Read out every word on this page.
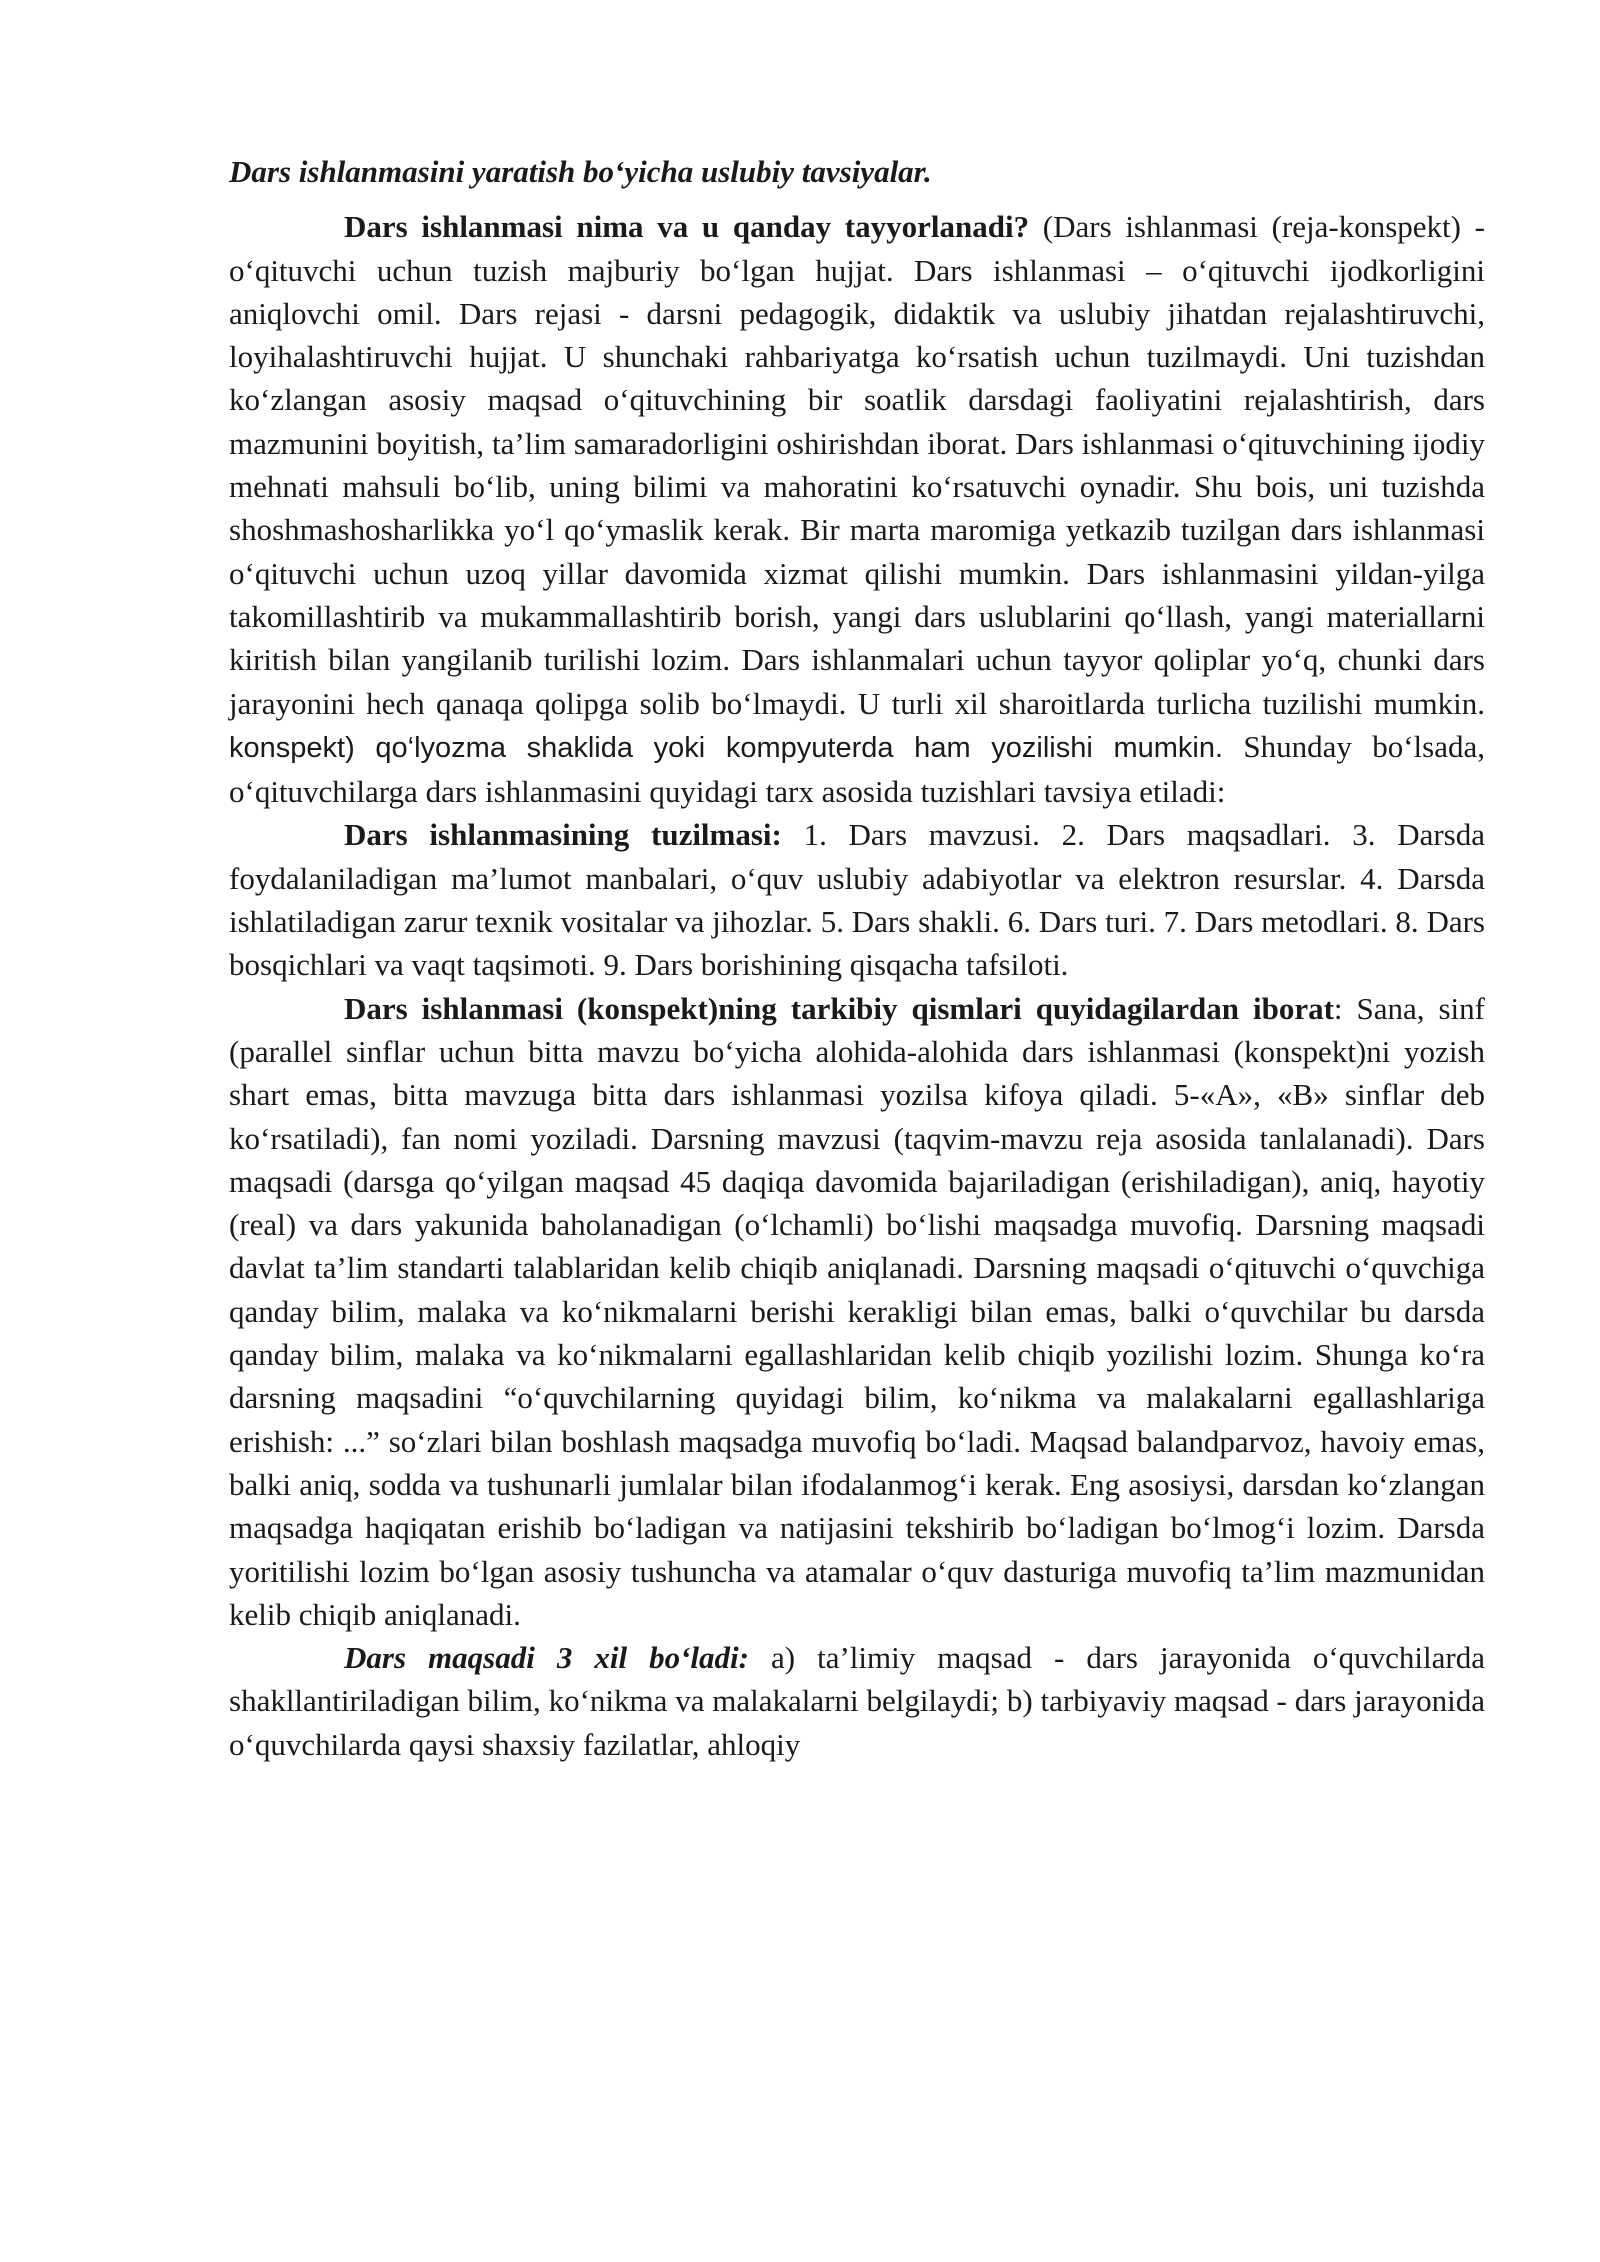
Dars ishlanmasini yaratish bo‘yicha uslubiy tavsiyalar.

Dars ishlanmasi nima va u qanday tayyorlanadi? (Dars ishlanmasi (reja-konspekt) - o‘qituvchi uchun tuzish majburiy bo‘lgan hujjat. Dars ishlanmasi – o‘qituvchi ijodkorligini aniqlovchi omil. Dars rejasi - darsni pedagogik, didaktik va uslubiy jihatdan rejalashtiruvchi, loyihalashtiruvchi hujjat. U shunchaki rahbariyatga ko‘rsatish uchun tuzilmaydi. Uni tuzishdan ko‘zlangan asosiy maqsad o‘qituvchining bir soatlik darsdagi faoliyatini rejalashtirish, dars mazmunini boyitish, ta’lim samaradorligini oshirishdan iborat. Dars ishlanmasi o‘qituvchining ijodiy mehnati mahsuli bo‘lib, uning bilimi va mahoratini ko‘rsatuvchi oynadir. Shu bois, uni tuzishda shoshmashosharlikka yo‘l qo‘ymaslik kerak. Bir marta maromiga yetkazib tuzilgan dars ishlanmasi o‘qituvchi uchun uzoq yillar davomida xizmat qilishi mumkin. Dars ishlanmasini yildan-yilga takomillashtirib va mukammallashtirib borish, yangi dars uslublarini qo‘llash, yangi materiallarni kiritish bilan yangilanib turilishi lozim. Dars ishlanmalari uchun tayyor qoliplar yo‘q, chunki dars jarayonini hech qanaqa qolipga solib bo‘lmaydi. U turli xil sharoitlarda turlicha tuzilishi mumkin. konspekt) qo‘lyozma shaklida yoki kompyuterda ham yozilishi mumkin. Shunday bo‘lsada, o‘qituvchilarga dars ishlanmasini quyidagi tarx asosida tuzishlari tavsiya etiladi:

Dars ishlanmasining tuzilmasi: 1. Dars mavzusi. 2. Dars maqsadlari. 3. Darsda foydalaniladigan ma’lumot manbalari, o‘quv uslubiy adabiyotlar va elektron resurslar. 4. Darsda ishlatiladigan zarur texnik vositalar va jihozlar. 5. Dars shakli. 6. Dars turi. 7. Dars metodlari. 8. Dars bosqichlari va vaqt taqsimoti. 9. Dars borishining qisqacha tafsiloti.

Dars ishlanmasi (konspekt)ning tarkibiy qismlari quyidagilardan iborat: Sana, sinf (parallel sinflar uchun bitta mavzu bo‘yicha alohida-alohida dars ishlanmasi (konspekt)ni yozish shart emas, bitta mavzuga bitta dars ishlanmasi yozilsa kifoya qiladi. 5-«A», «B» sinflar deb ko‘rsatiladi), fan nomi yoziladi. Darsning mavzusi (taqvim-mavzu reja asosida tanlalanadi). Dars maqsadi (darsga qo‘yilgan maqsad 45 daqiqa davomida bajariladigan (erishiladigan), aniq, hayotiy (real) va dars yakunida baholanadigan (o‘lchamli) bo‘lishi maqsadga muvofiq. Darsning maqsadi davlat ta’lim standarti talablaridan kelib chiqib aniqlanadi. Darsning maqsadi o‘qituvchi o‘quvchiga qanday bilim, malaka va ko‘nikmalarni berishi kerakligi bilan emas, balki o‘quvchilar bu darsda qanday bilim, malaka va ko‘nikmalarni egallashlaridan kelib chiqib yozilishi lozim. Shunga ko‘ra darsning maqsadini “o‘quvchilarning quyidagi bilim, ko‘nikma va malakalarni egallashlariga erishish: ...” so‘zlari bilan boshlash maqsadga muvofiq bo‘ladi. Maqsad balandparvoz, havoiy emas, balki aniq, sodda va tushunarli jumlalar bilan ifodalanmog‘i kerak. Eng asosiysi, darsdan ko‘zlangan maqsadga haqiqatan erishib bo‘ladigan va natijasini tekshirib bo‘ladigan bo‘lmog‘i lozim. Darsda yoritilishi lozim bo‘lgan asosiy tushuncha va atamalar o‘quv dasturiga muvofiq ta’lim mazmunidan kelib chiqib aniqlanadi.

Dars maqsadi 3 xil bo‘ladi: a) ta’limiy maqsad - dars jarayonida o‘quvchilarda shakllantiriladigan bilim, ko‘nikma va malakalarni belgilaydi; b) tarbiyaviy maqsad - dars jarayonida o‘quvchilarda qaysi shaxsiy fazilatlar, ahloqiy
